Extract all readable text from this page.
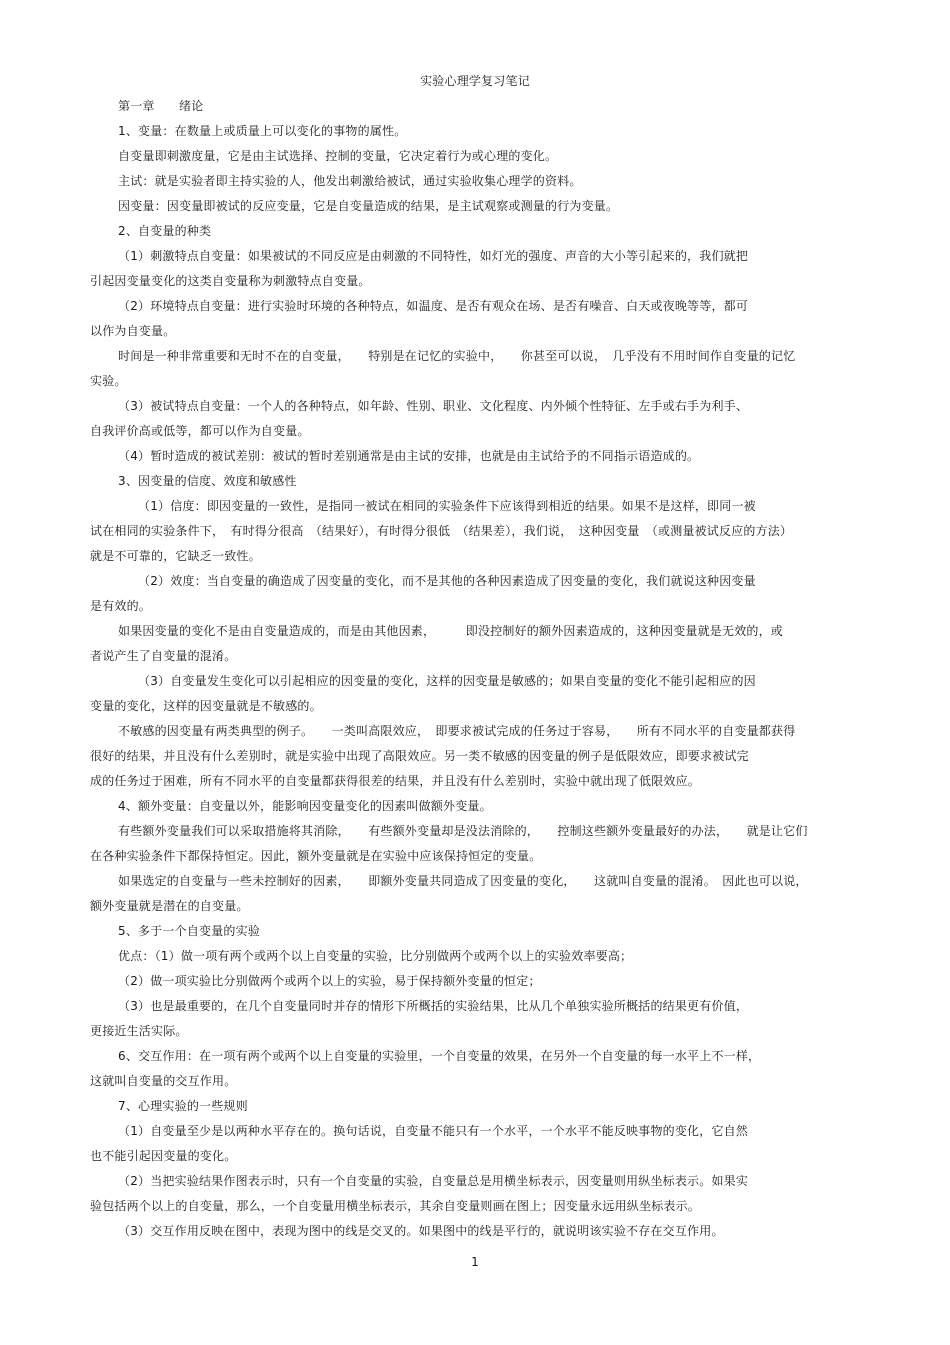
实验心理学复习笔记
第一章　　绪论
1、变量：在数量上或质量上可以变化的事物的属性。
自变量即刺激度量，它是由主试选择、控制的变量，它决定着行为或心理的变化。
主试：就是实验者即主持实验的人，他发出刺激给被试，通过实验收集心理学的资料。
因变量：因变量即被试的反应变量，它是自变量造成的结果，是主试观察或测量的行为变量。
2、自变量的种类
（1）刺激特点自变量：如果被试的不同反应是由刺激的不同特性，如灯光的强度、声音的大小等引起来的，我们就把
引起因变量变化的这类自变量称为刺激特点自变量。
（2）环境特点自变量：进行实验时环境的各种特点，如温度、是否有观众在场、是否有噪音、白天或夜晚等等，都可
以作为自变量。
时间是一种非常重要和无时不在的自变量，　　特别是在记忆的实验中，　　你甚至可以说，　几乎没有不用时间作自变量的记忆
实验。
（3）被试特点自变量：一个人的各种特点，如年龄、性别、职业、文化程度、内外倾个性特征、左手或右手为利手、
自我评价高或低等，都可以作为自变量。
（4）暂时造成的被试差别：被试的暂时差别通常是由主试的安排，也就是由主试给予的不同指示语造成的。
3、因变量的信度、效度和敏感性
（1）信度：即因变量的一致性，是指同一被试在相同的实验条件下应该得到相近的结果。如果不是这样，即同一被
试在相同的实验条件下，　有时得分很高　（结果好），有时得分很低　（结果差），我们说，　这种因变量　（或测量被试反应的方法）
就是不可靠的，它缺乏一致性。
（2）效度：当自变量的确造成了因变量的变化，而不是其他的各种因素造成了因变量的变化，我们就说这种因变量
是有效的。
如果因变量的变化不是由自变量造成的，而是由其他因素，　　　即没控制好的额外因素造成的，这种因变量就是无效的，或
者说产生了自变量的混淆。
（3）自变量发生变化可以引起相应的因变量的变化，这样的因变量是敏感的；如果自变量的变化不能引起相应的因
变量的变化，这样的因变量就是不敏感的。
不敏感的因变量有两类典型的例子。　　一类叫高限效应，　即要求被试完成的任务过于容易，　　所有不同水平的自变量都获得
很好的结果，并且没有什么差别时，就是实验中出现了高限效应。另一类不敏感的因变量的例子是低限效应，即要求被试完
成的任务过于困难，所有不同水平的自变量都获得很差的结果，并且没有什么差别时，实验中就出现了低限效应。
4、额外变量：自变量以外，能影响因变量变化的因素叫做额外变量。
有些额外变量我们可以采取措施将其消除，　　有些额外变量却是没法消除的，　　控制这些额外变量最好的办法，　　就是让它们
在各种实验条件下都保持恒定。因此，额外变量就是在实验中应该保持恒定的变量。
如果选定的自变量与一些未控制好的因素，　　即额外变量共同造成了因变量的变化，　　这就叫自变量的混淆。　因此也可以说，
额外变量就是潜在的自变量。
5、多于一个自变量的实验
优点：（1）做一项有两个或两个以上自变量的实验，比分别做两个或两个以上的实验效率要高；
（2）做一项实验比分别做两个或两个以上的实验，易于保持额外变量的恒定；
（3）也是最重要的，在几个自变量同时并存的情形下所概括的实验结果，比从几个单独实验所概括的结果更有价值，
更接近生活实际。
6、交互作用：在一项有两个或两个以上自变量的实验里，一个自变量的效果，在另外一个自变量的每一水平上不一样，
这就叫自变量的交互作用。
7、心理实验的一些规则
（1）自变量至少是以两种水平存在的。换句话说，自变量不能只有一个水平，一个水平不能反映事物的变化，它自然
也不能引起因变量的变化。
（2）当把实验结果作图表示时，只有一个自变量的实验，自变量总是用横坐标表示，因变量则用纵坐标表示。如果实
验包括两个以上的自变量，那么，一个自变量用横坐标表示，其余自变量则画在图上；因变量永远用纵坐标表示。
（3）交互作用反映在图中，表现为图中的线是交叉的。如果图中的线是平行的，就说明该实验不存在交互作用。
1
